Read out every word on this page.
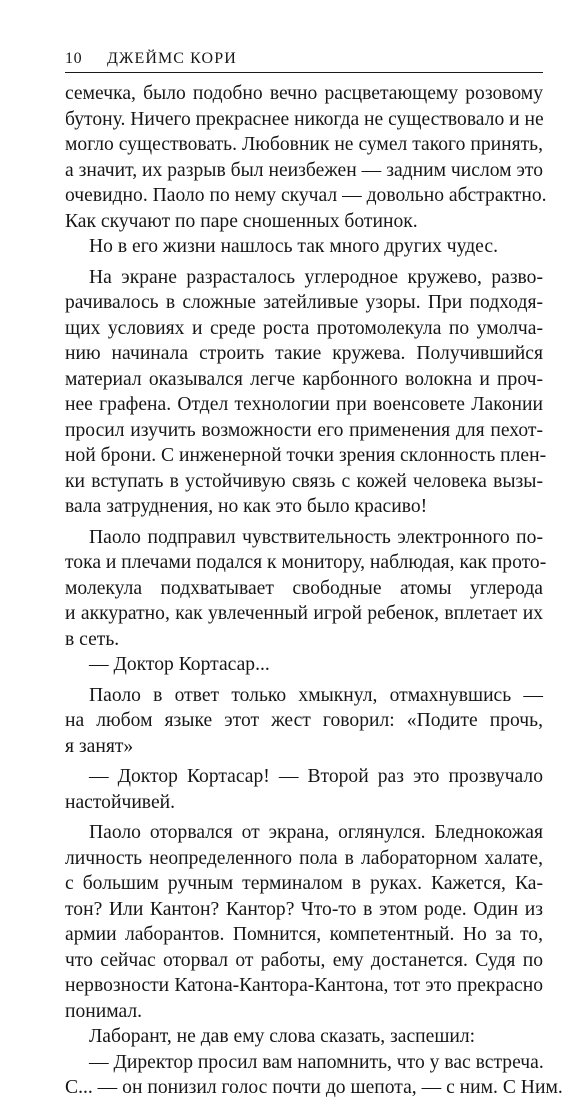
10 ДЖЕЙМС КОРИ
семечка, было подобно вечно расцветающему розовому
бутону. Ничего прекраснее никогда не существовало и не
могло существовать. Любовник не сумел такого принять,
а значит, их разрыв был неизбежен — задним числом это
очевидно. Паоло по нему скучал — довольно абстрактно.
Как скучают по паре сношенных ботинок.
Но в его жизни нашлось так много других чудес.
На экране разрасталось углеродное кружево, разво-
рачивалось в сложные затейливые узоры. При подходя-
щих условиях и среде роста протомолекула по умолча-
нию начинала строить такие кружева. Получившийся
материал оказывался легче карбонного волокна и проч-
нее графена. Отдел технологии при военсовете Лаконии
просил изучить возможности его применения для пехот-
ной брони. С инженерной точки зрения склонность плен-
ки вступать в устойчивую связь с кожей человека вызы-
вала затруднения, но как это было красиво!
Паоло подправил чувствительность электронного по-
тока и плечами подался к монитору, наблюдая, как прото-
молекула подхватывает свободные атомы углерода
и аккуратно, как увлеченный игрой ребенок, вплетает их
в сеть.
— Доктор Кортасар...
Паоло в ответ только хмыкнул, отмахнувшись —
на любом языке этот жест говорил: «Подите прочь,
я занят»
— Доктор Кортасар! — Второй раз это прозвучало
настойчивей.
Паоло оторвался от экрана, оглянулся. Бледнокожая
личность неопределенного пола в лабораторном халате,
с большим ручным терминалом в руках. Кажется, Ка-
тон? Или Кантон? Кантор? Что-то в этом роде. Один из
армии лаборантов. Помнится, компетентный. Но за то,
что сейчас оторвал от работы, ему достанется. Судя по
нервозности Катона-Кантора-Кантона, тот это прекрасно
понимал.
Лаборант, не дав ему слова сказать, заспешил:
— Директор просил вам напомнить, что у вас встреча.
С... — он понизил голос почти до шепота, — с ним. С Ним.
